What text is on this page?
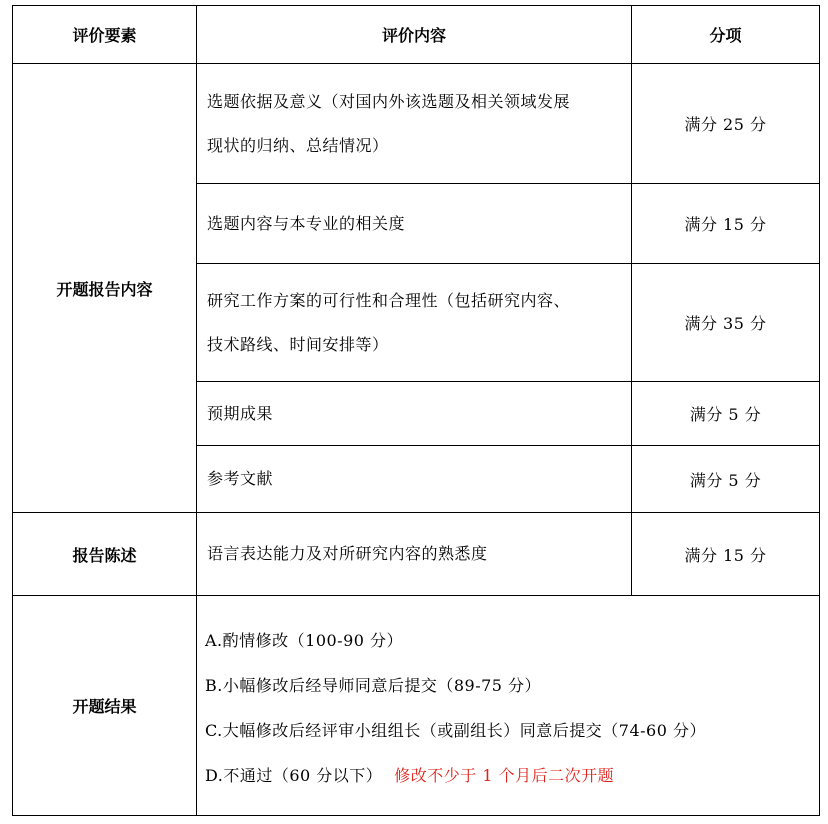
评价要素	评价内容	分项
开题报告内容	选题依据及意义（对国内外该选题及相关领域发展
现状的归纳、总结情况）	满分 25 分
	选题内容与本专业的相关度	满分 15 分

	研究工作方案的可行性和合理性（包括研究内容、
技术路线、时间安排等）	满分 35 分
	预期成果	满分 5 分
	参考文献	满分 5 分
报告陈述	语言表达能力及对所研究内容的熟悉度	满分 15 分
开题结果	A.酌情修改（100-90 分）
B.小幅修改后经导师同意后提交（89-75 分）
C.大幅修改后经评审小组组长（或副组长）同意后提交（74-60 分）
D.不通过（60 分以下） 修改不少于 1 个月后二次开题	
